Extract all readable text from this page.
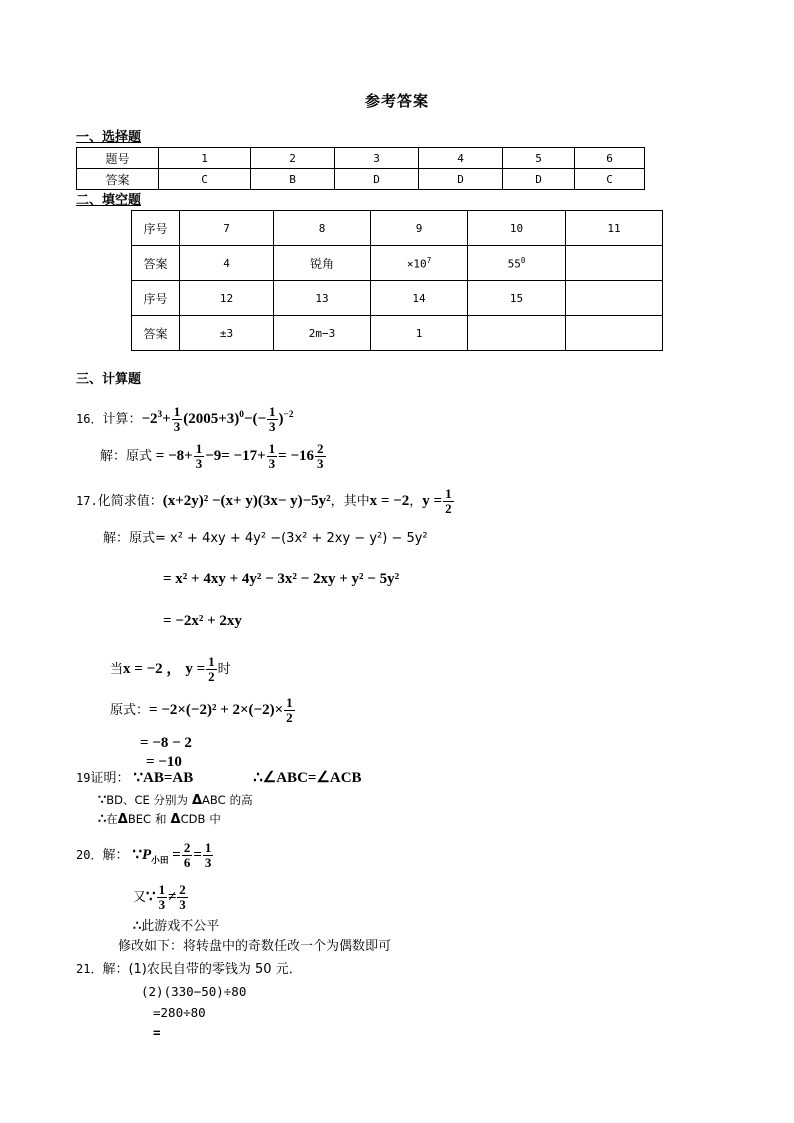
参考答案
一、选择题
题号	1	2	3	4	5	6
答案	C	B	D	D	D	C
二、填空题
序号	7	8	9	10	11
答案	4	锐角	$\times 10^7$	$55^0$	
序号	12	13	14	15	
答案	±3	2m−3	1		
三、计算题
16．计算：$-2^3+ \frac{1}{3} (2005+3)^0-(- \frac{1}{3} )^{-2}$
解：原式 = $-8+ \frac{1}{3} -9= -17+ \frac{1}{3} = -16 \frac{2}{3}$
17.化简求值：(x+2y)² −(x+ y)(3x− y)−5y²，其中x = −2，$y = \frac{1}{2}$
解：原式= x² + 4xy + 4y² −(3x² + 2xy − y²) − 5y²
= x² + 4xy + 4y² − 3x² − 2xy + y² − 5y²
= −2x² + 2xy
当x = −2 ， $y = \frac{1}{2}$ 时
原式：= $-2\times(-2)^2 + 2\times(-2)\times \frac{1}{2}$
= −8 − 2
= −10
19证明： ∵AB=AB	∴∠ABC=∠ACB
∵BD、CE 分别为 ΔABC 的高
∴在ΔBEC 和 ΔCDB 中
20．解： $\because P_{小田} = \frac{2}{6} = \frac{1}{3}$
又∵ $\frac{1}{3} \ne \frac{2}{3}$
∴此游戏不公平
修改如下：将转盘中的奇数任改一个为偶数即可
21．解：(1)农民自带的零钱为 50 元．
(2)(330−50)÷80
=280÷80
=
